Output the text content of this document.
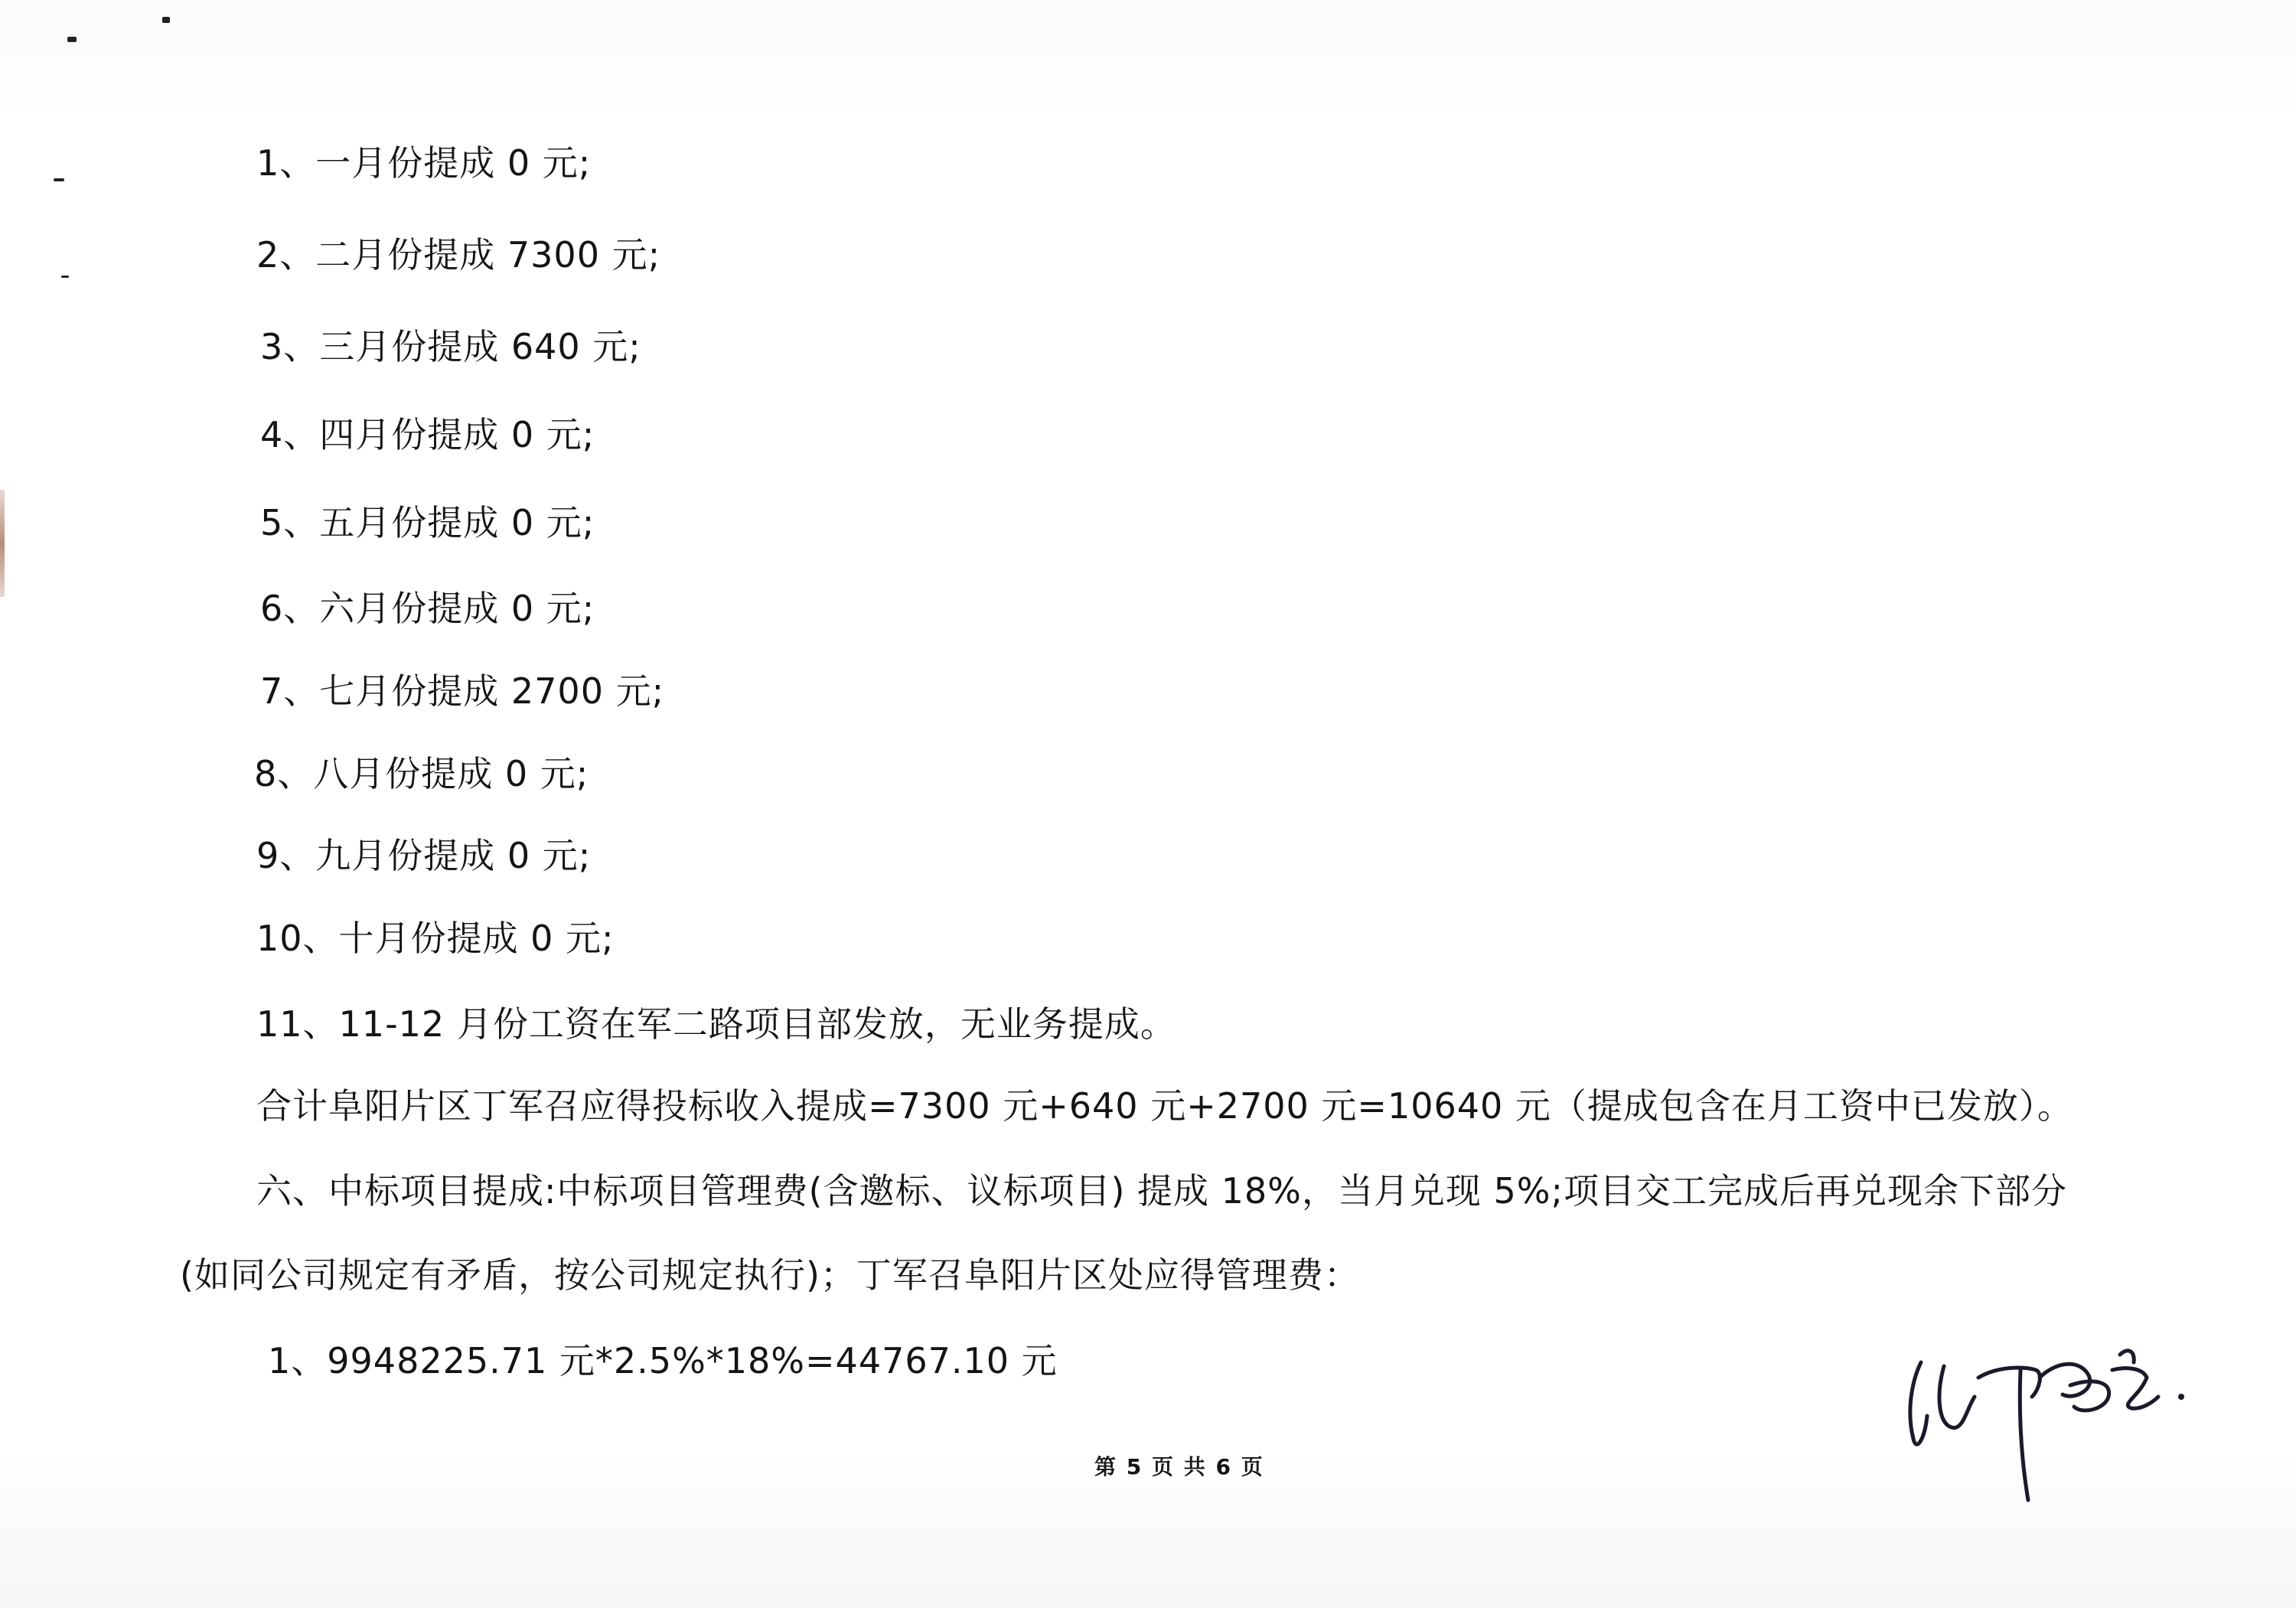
1、一月份提成 0 元;
2、二月份提成 7300 元;
3、三月份提成 640 元;
4、四月份提成 0 元;
5、五月份提成 0 元;
6、六月份提成 0 元;
7、七月份提成 2700 元;
8、八月份提成 0 元;
9、九月份提成 0 元;
10、十月份提成 0 元;
11、11-12 月份工资在军二路项目部发放，无业务提成。
合计阜阳片区丁军召应得投标收入提成=7300 元+640 元+2700 元=10640 元（提成包含在月工资中已发放）。
六、中标项目提成:中标项目管理费(含邀标、议标项目) 提成 18%，当月兑现 5%;项目交工完成后再兑现余下部分
(如同公司规定有矛盾，按公司规定执行)；丁军召阜阳片区处应得管理费：
1、9948225.71 元*2.5%*18%=44767.10 元
第 5 页 共 6 页
